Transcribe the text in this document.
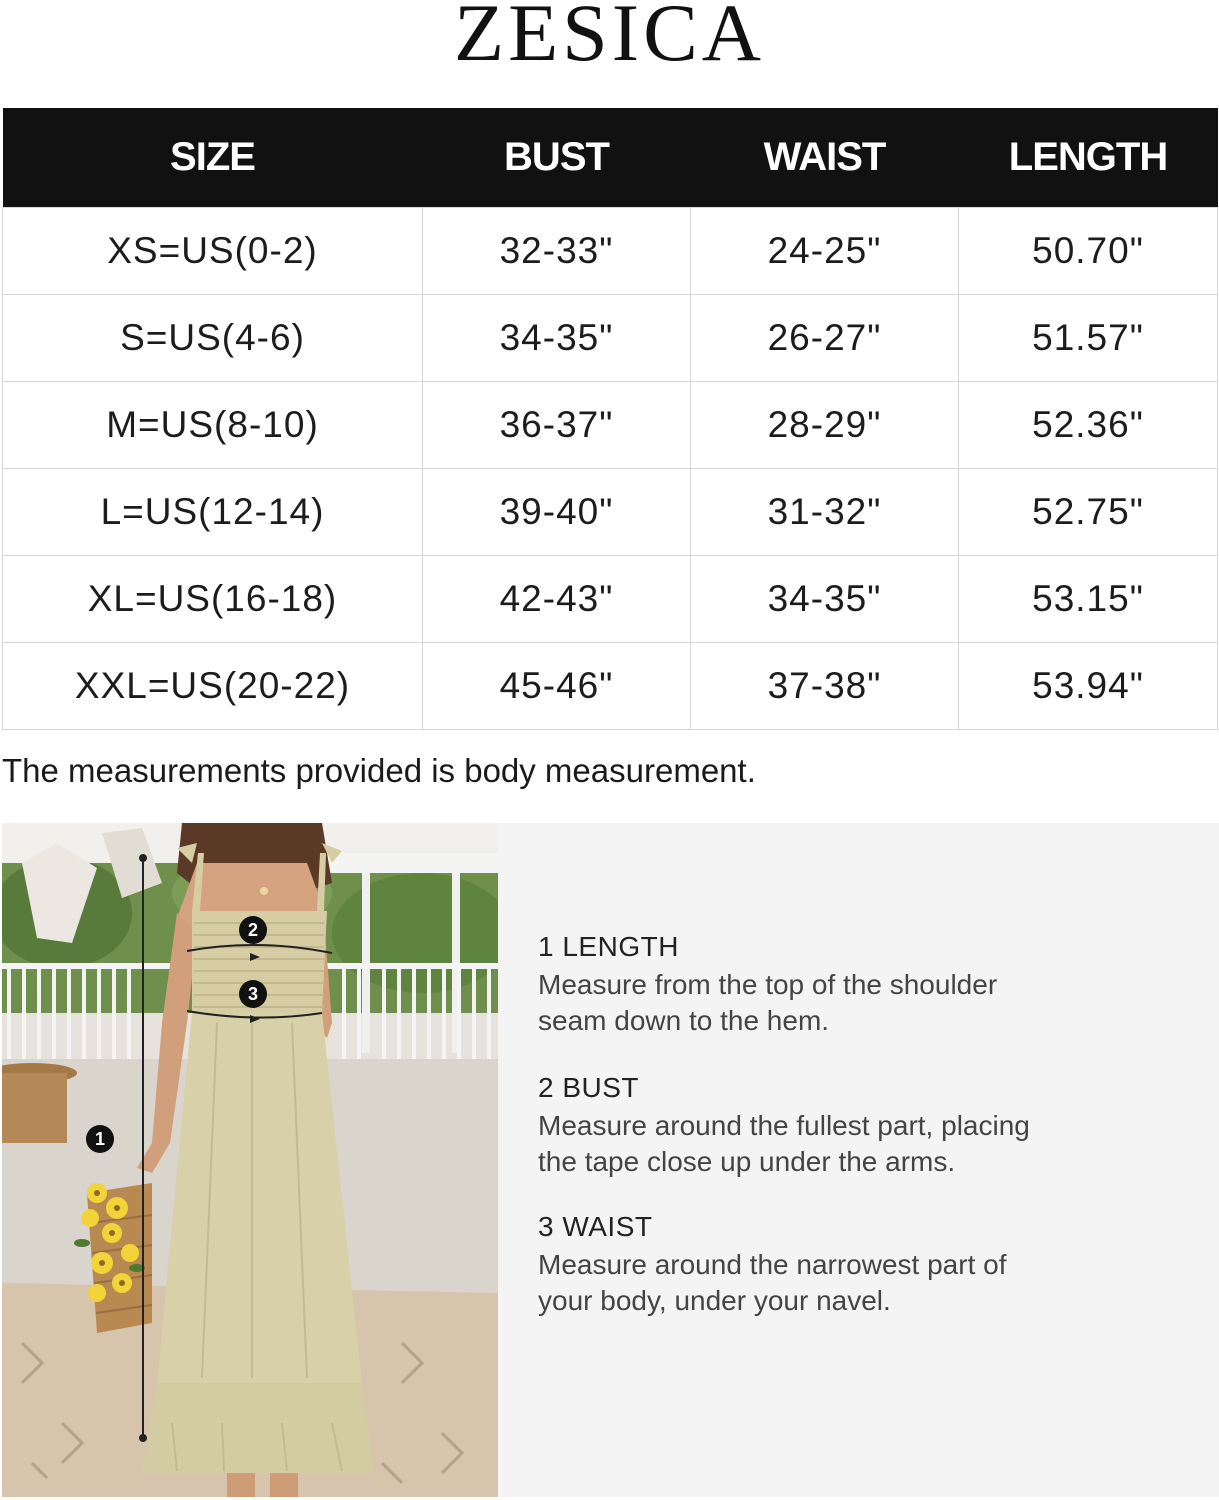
ZESICA
SIZE	BUST	WAIST	LENGTH
XS=US(0-2)	32-33"	24-25"	50.70"
S=US(4-6)	34-35"	26-27"	51.57"
M=US(8-10)	36-37"	28-29"	52.36"
L=US(12-14)	39-40"	31-32"	52.75"
XL=US(16-18)	42-43"	34-35"	53.15"
XXL=US(20-22)	45-46"	37-38"	53.94"
The measurements provided is body measurement.
1
2
3
1 LENGTH
Measure from the top of the shoulder
seam down to the hem.
2 BUST
Measure around the fullest part, placing
the tape close up under the arms.
3 WAIST
Measure around the narrowest part of
your body, under your navel.
